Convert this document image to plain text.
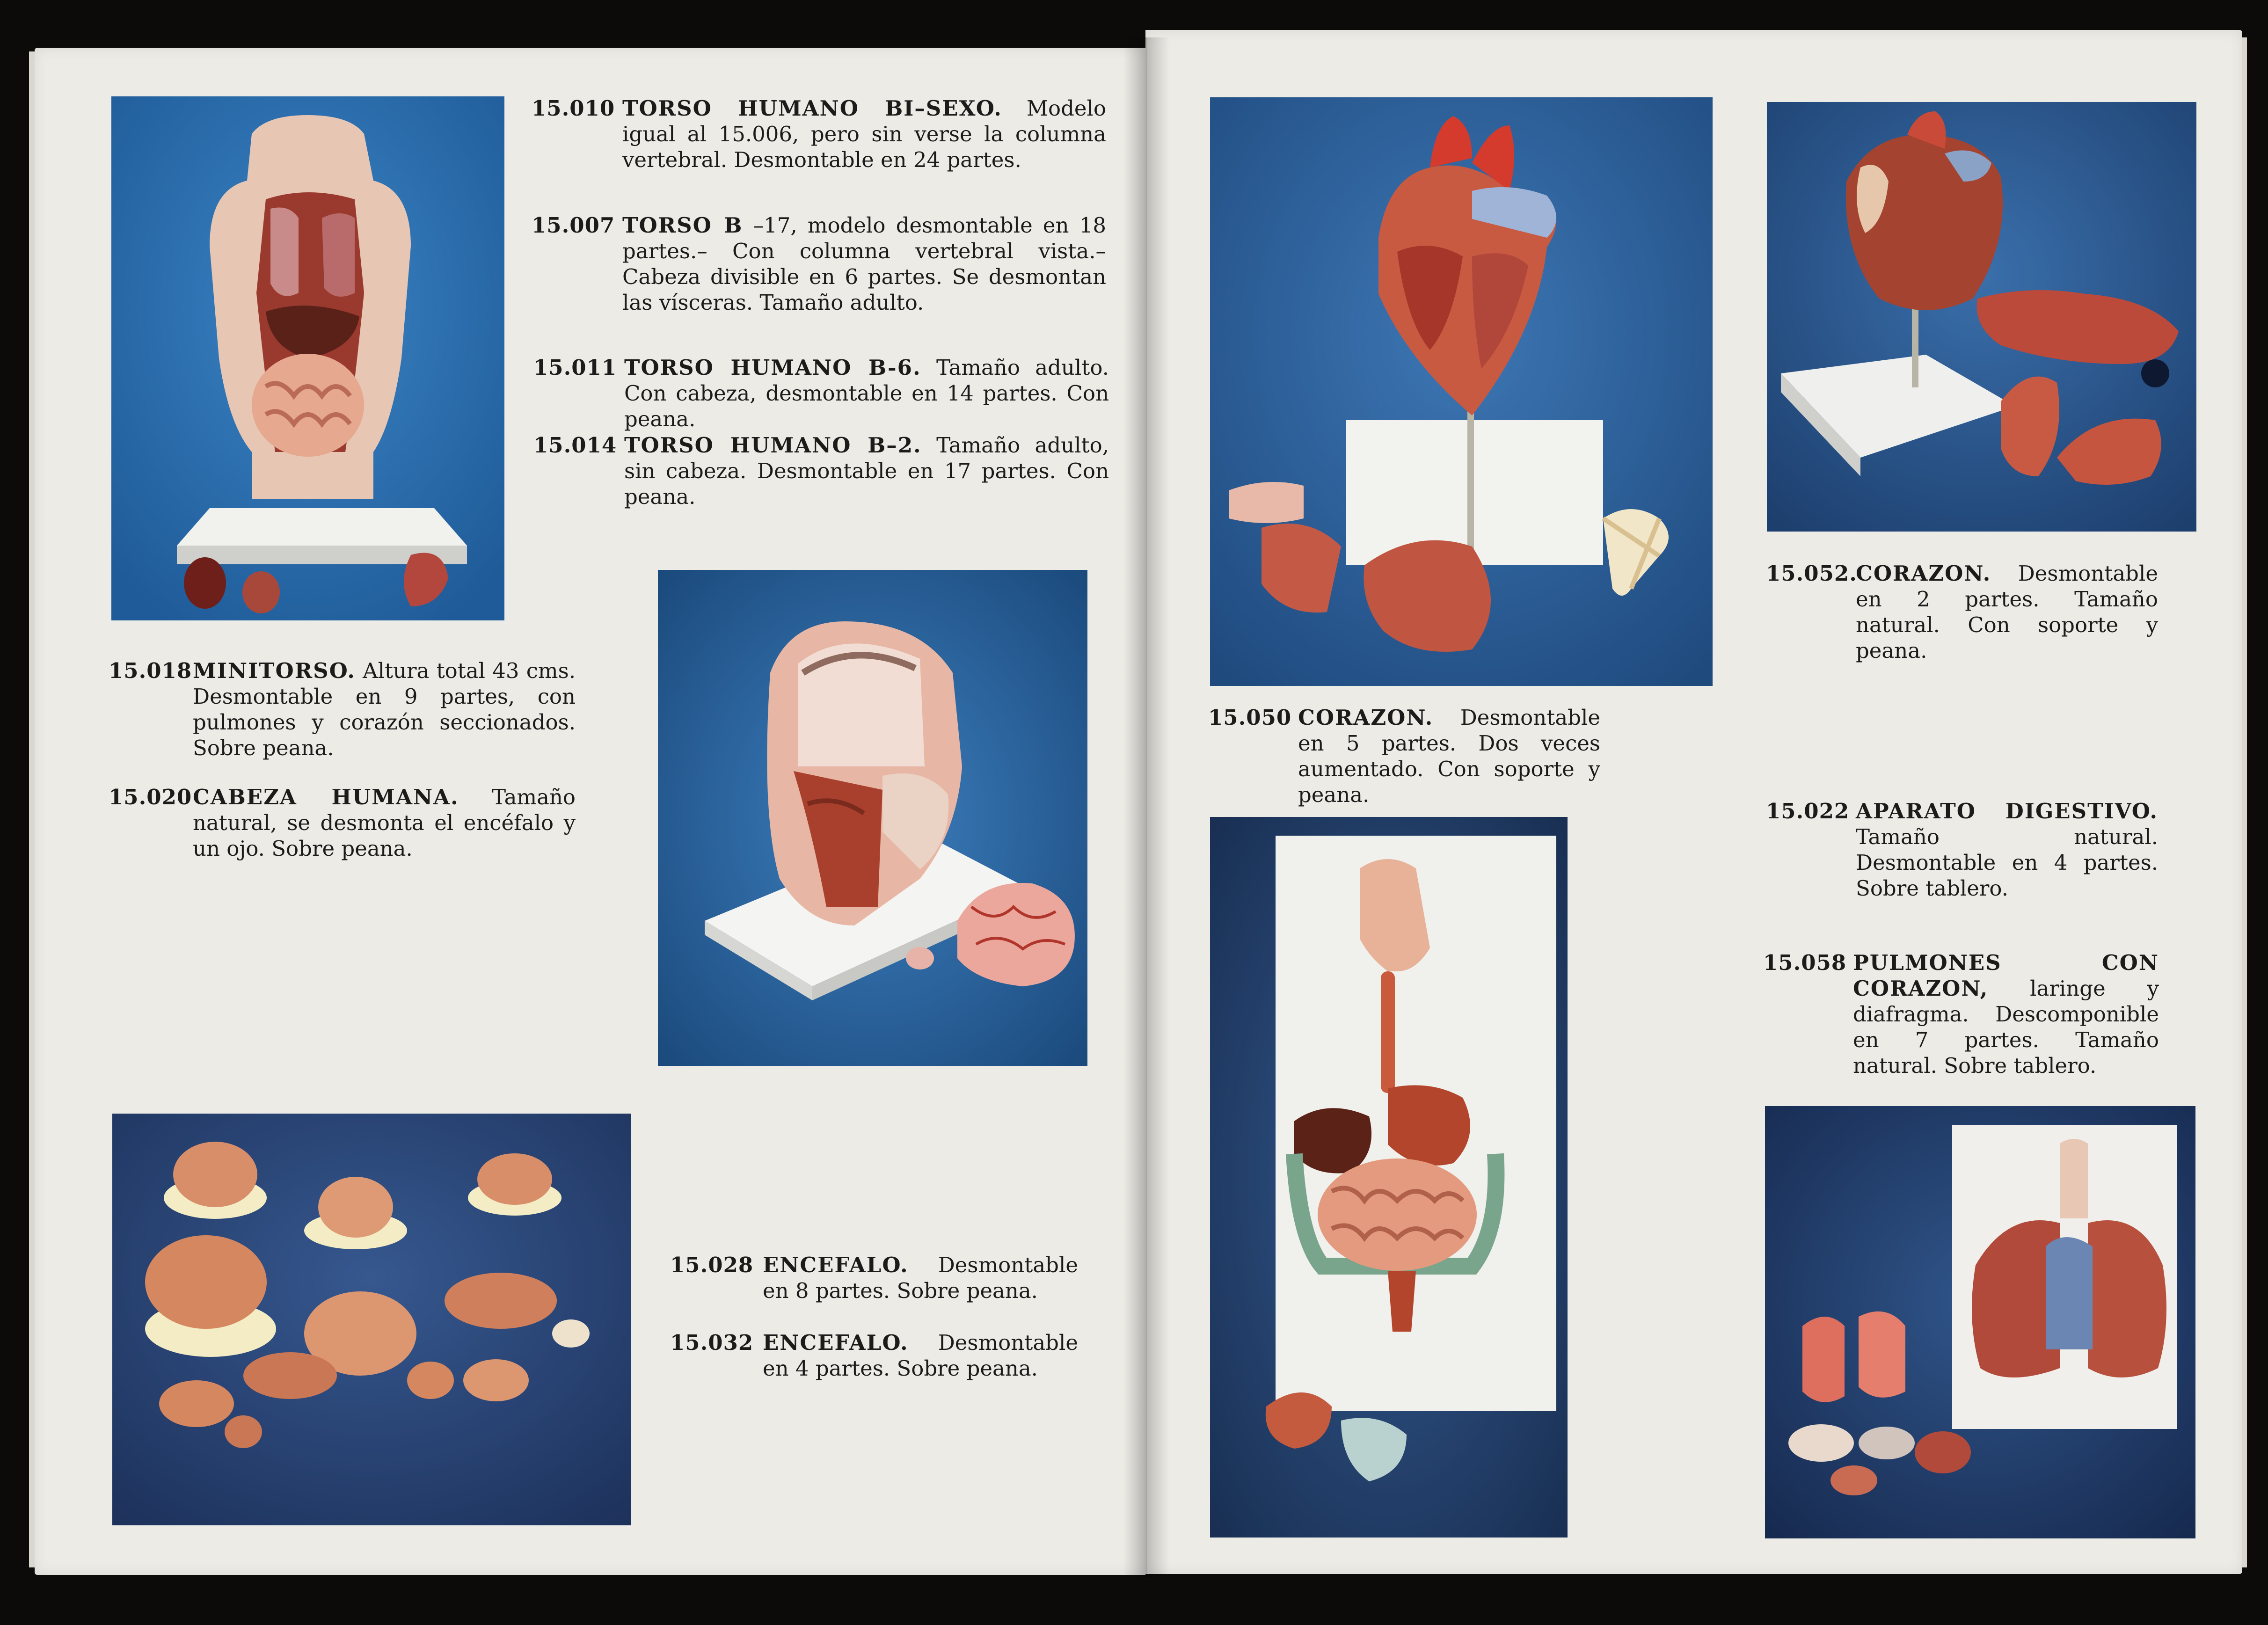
15.010 TORSO HUMANO BI–SEXO. Modelo igual al 15.006, pero sin verse la columna vertebral. Desmontable en 24 partes.
15.007 TORSO B –17, modelo desmontable en 18 partes.– Con columna vertebral vista.– Cabeza divisible en 6 partes. Se desmontan las vísceras. Tamaño adulto.
15.011 TORSO HUMANO B-6. Tamaño adulto. Con cabeza, desmontable en 14 partes. Con peana.
15.014 TORSO HUMANO B–2. Tamaño adulto, sin cabeza. Desmontable en 17 partes. Con peana.
15.018 MINITORSO. Altura total 43 cms. Desmontable en 9 partes, con pulmones y corazón seccionados. Sobre peana.
15.020 CABEZA HUMANA. Tamaño natural, se desmonta el encéfalo y un ojo. Sobre peana.
15.028 ENCEFALO. Desmontable en 8 partes. Sobre peana.
15.032 ENCEFALO. Desmontable en 4 partes. Sobre peana.
15.050 CORAZON. Desmontable en 5 partes. Dos veces aumentado. Con soporte y peana.
15.052.
CORAZON. Desmontable en 2 partes. Tamaño natural. Con soporte y peana.
15.022 APARATO DIGESTIVO. Tamaño natural. Desmontable en 4 partes. Sobre tablero.
15.058 PULMONES CON CORAZON, laringe y diafragma. Descomponible en 7 partes. Tamaño natural. Sobre tablero.
